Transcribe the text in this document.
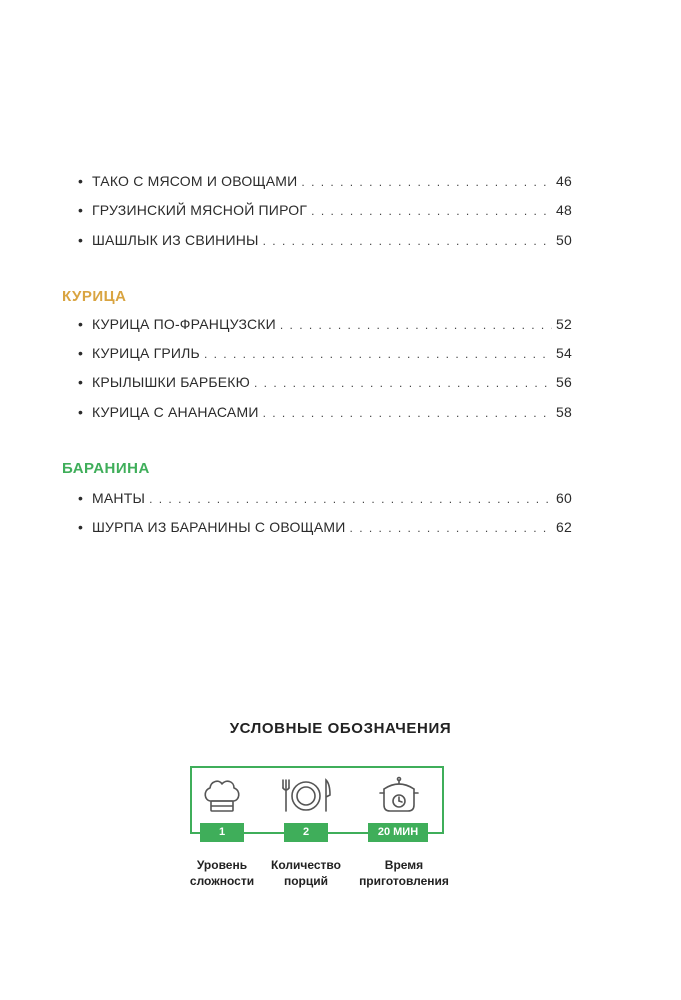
• ТАКО С МЯСОМ И ОВОЩАМИ . . .	46
• ГРУЗИНСКИЙ МЯСНОЙ ПИРОГ . . .	48
• ШАШЛЫК ИЗ СВИНИНЫ . . .	50
КУРИЦА
• КУРИЦА ПО-ФРАНЦУЗСКИ . . .	52
• КУРИЦА ГРИЛЬ . . .	54
• КРЫЛЫШКИ БАРБЕКЮ . . .	56
• КУРИЦА С АНАНАСАМИ . . .	58
БАРАНИНА
• МАНТЫ . . .	60
• ШУРПА ИЗ БАРАНИНЫ С ОВОЩАМИ . . .	62
УСЛОВНЫЕ ОБОЗНАЧЕНИЯ
1	2	20 МИН
Уровень
сложности
Количество
порций
Время
приготовления
